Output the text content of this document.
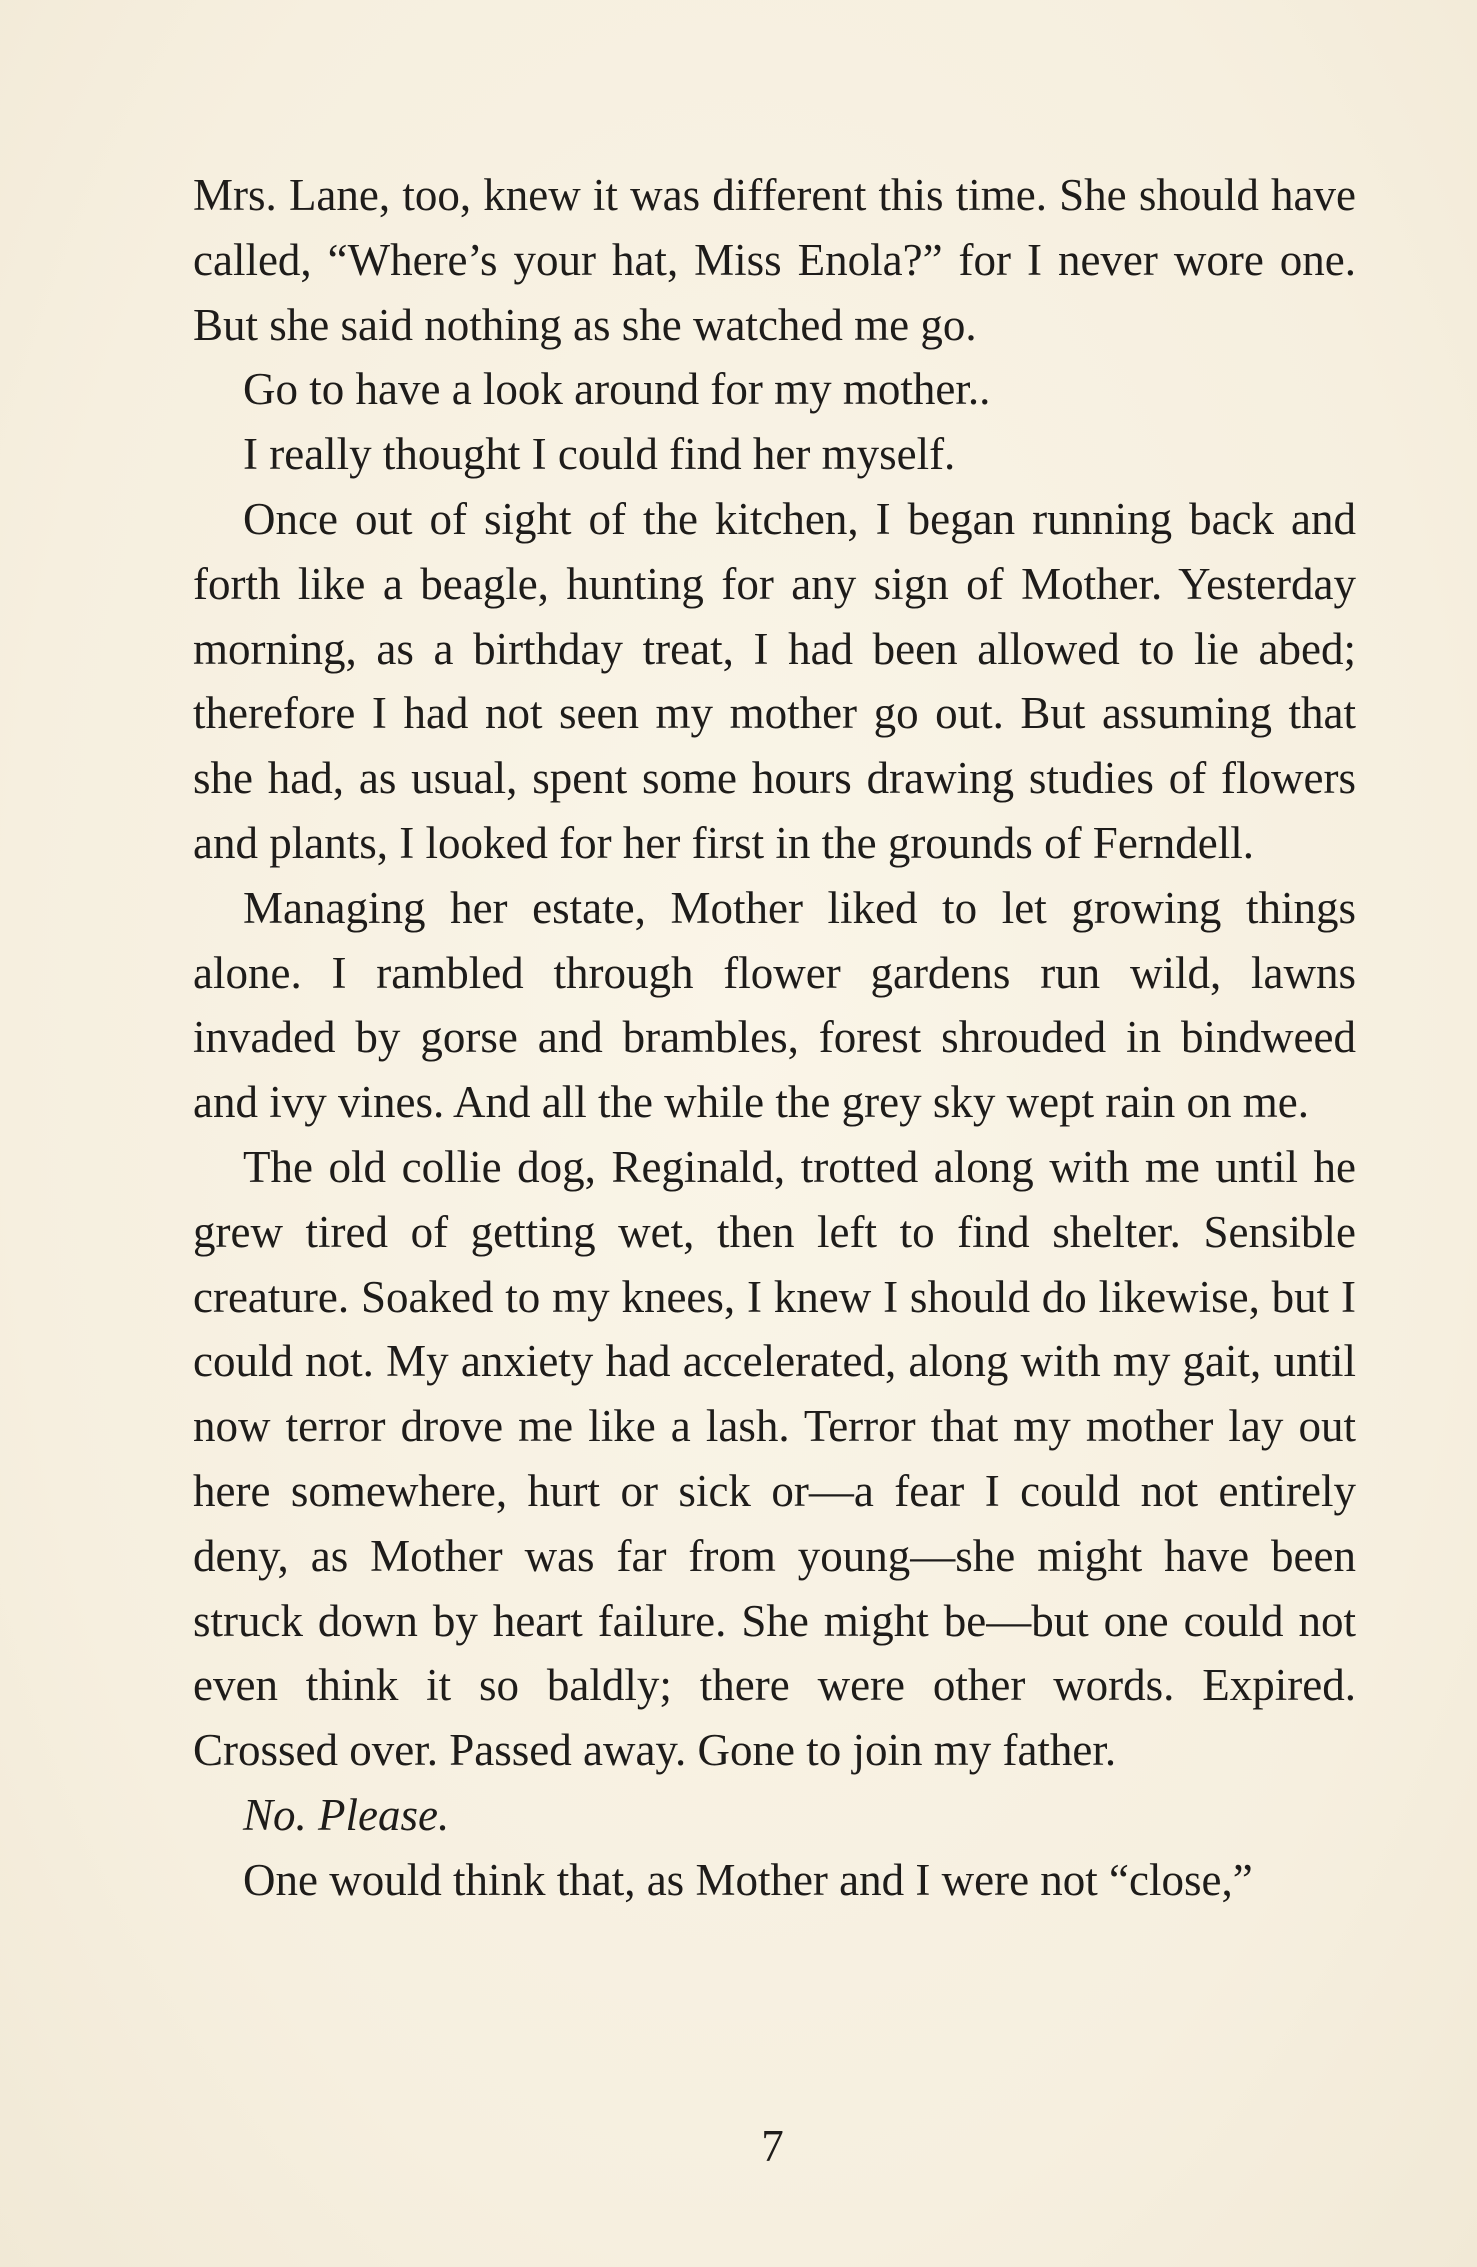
Mrs. Lane, too, knew it was different this time. She should have called, “Where’s your hat, Miss Enola?” for I never wore one. But she said nothing as she watched me go.

Go to have a look around for my mother..

I really thought I could find her myself.

Once out of sight of the kitchen, I began running back and forth like a beagle, hunting for any sign of Mother. Yesterday morning, as a birthday treat, I had been allowed to lie abed; therefore I had not seen my mother go out. But assuming that she had, as usual, spent some hours drawing studies of flowers and plants, I looked for her first in the grounds of Ferndell.

Managing her estate, Mother liked to let growing things alone. I rambled through flower gardens run wild, lawns invaded by gorse and brambles, forest shrouded in bindweed and ivy vines. And all the while the grey sky wept rain on me.

The old collie dog, Reginald, trotted along with me until he grew tired of getting wet, then left to find shelter. Sensible creature. Soaked to my knees, I knew I should do likewise, but I could not. My anxiety had accelerated, along with my gait, until now terror drove me like a lash. Terror that my mother lay out here somewhere, hurt or sick or—a fear I could not entirely deny, as Mother was far from young—she might have been struck down by heart failure. She might be—but one could not even think it so baldly; there were other words. Expired. Crossed over. Passed away. Gone to join my father.

No. Please.

One would think that, as Mother and I were not “close,”

7
